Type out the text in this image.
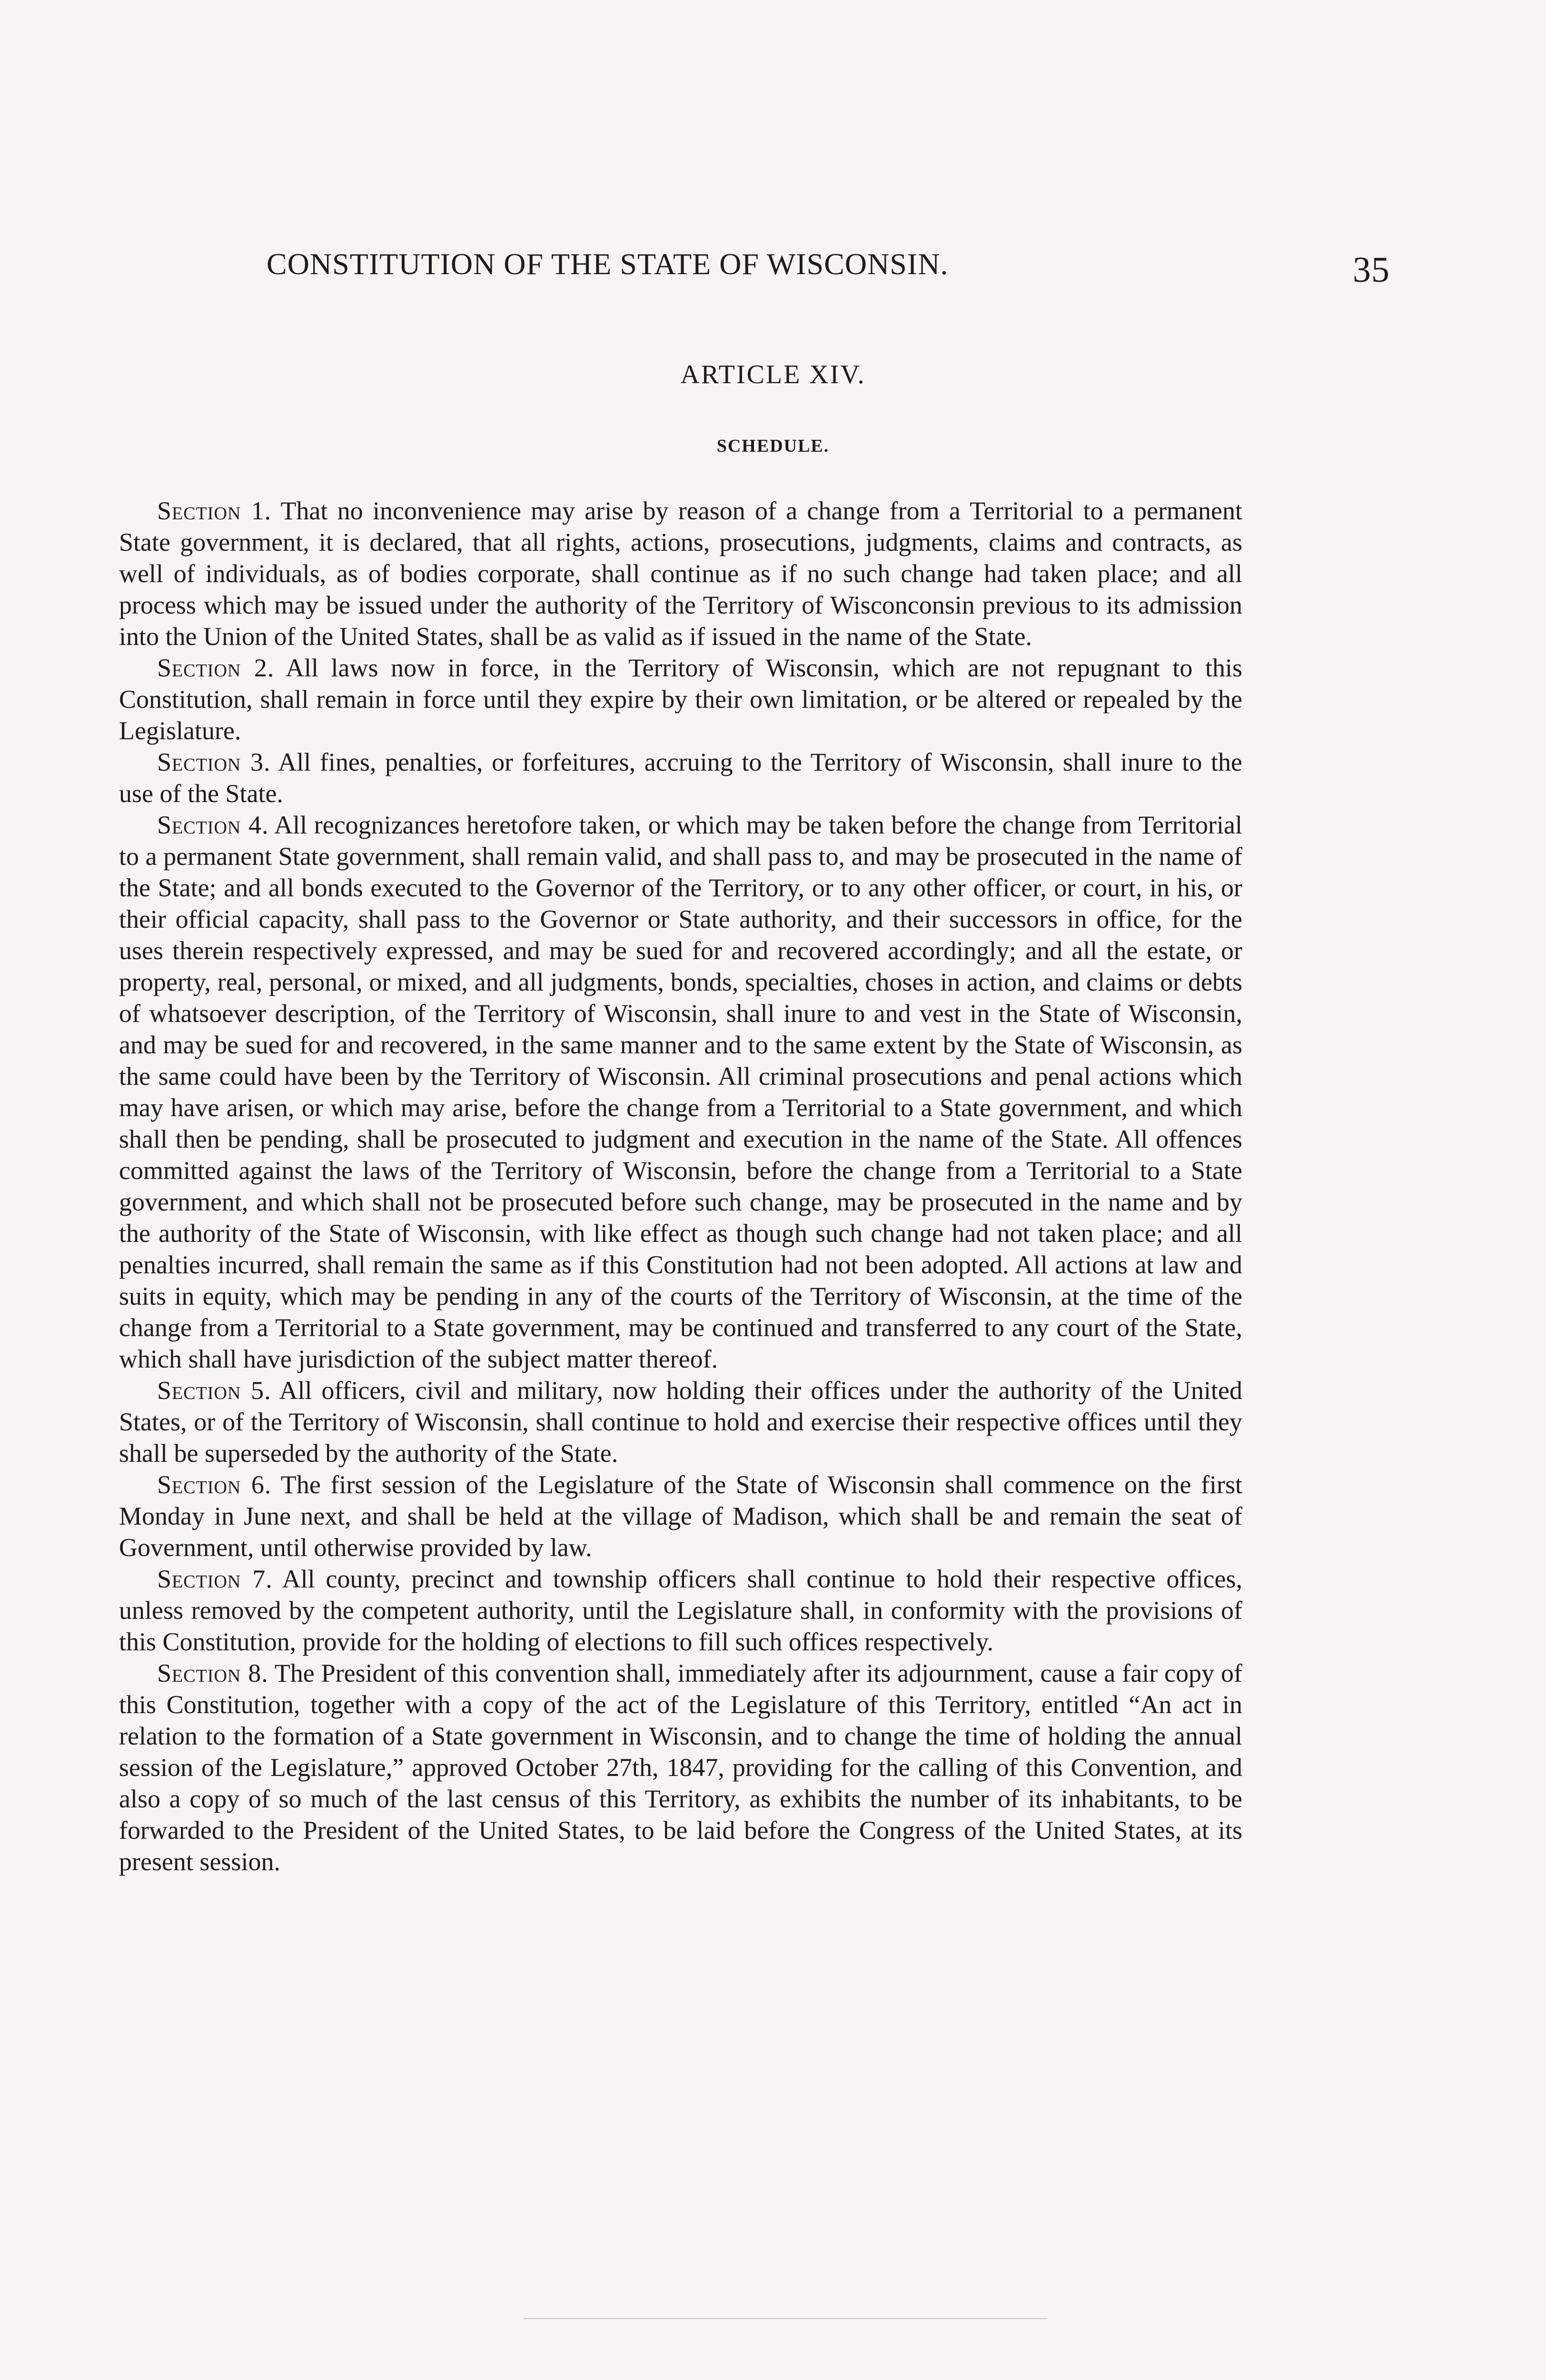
CONSTITUTION OF THE STATE OF WISCONSIN.	35
ARTICLE XIV.
SCHEDULE.

Section 1. That no inconvenience may arise by reason of a change from a Territorial to a permanent State government, it is declared, that all rights, actions, prosecutions, judgments, claims and contracts, as well of individuals, as of bodies corporate, shall continue as if no such change had taken place; and all process which may be issued under the authority of the Territory of Wisconconsin previous to its admission into the Union of the United States, shall be as valid as if issued in the name of the State.

Section 2. All laws now in force, in the Territory of Wisconsin, which are not repugnant to this Constitution, shall remain in force until they expire by their own limitation, or be altered or repealed by the Legislature.

Section 3. All fines, penalties, or forfeitures, accruing to the Territory of Wisconsin, shall inure to the use of the State.

Section 4. All recognizances heretofore taken, or which may be taken before the change from Territorial to a permanent State government, shall remain valid, and shall pass to, and may be prosecuted in the name of the State; and all bonds executed to the Governor of the Territory, or to any other officer, or court, in his, or their official capacity, shall pass to the Governor or State authority, and their successors in office, for the uses therein respectively expressed, and may be sued for and recovered accordingly; and all the estate, or property, real, personal, or mixed, and all judgments, bonds, specialties, choses in action, and claims or debts of whatsoever description, of the Territory of Wisconsin, shall inure to and vest in the State of Wisconsin, and may be sued for and recovered, in the same manner and to the same extent by the State of Wisconsin, as the same could have been by the Territory of Wisconsin. All criminal prosecutions and penal actions which may have arisen, or which may arise, before the change from a Territorial to a State government, and which shall then be pending, shall be prosecuted to judgment and execution in the name of the State. All offences committed against the laws of the Territory of Wisconsin, before the change from a Territorial to a State government, and which shall not be prosecuted before such change, may be prosecuted in the name and by the authority of the State of Wisconsin, with like effect as though such change had not taken place; and all penalties incurred, shall remain the same as if this Constitution had not been adopted. All actions at law and suits in equity, which may be pending in any of the courts of the Territory of Wisconsin, at the time of the change from a Territorial to a State government, may be continued and transferred to any court of the State, which shall have jurisdiction of the subject matter thereof.

Section 5. All officers, civil and military, now holding their offices under the authority of the United States, or of the Territory of Wisconsin, shall continue to hold and exercise their respective offices until they shall be superseded by the authority of the State.

Section 6. The first session of the Legislature of the State of Wisconsin shall commence on the first Monday in June next, and shall be held at the village of Madison, which shall be and remain the seat of Government, until otherwise provided by law.

Section 7. All county, precinct and township officers shall continue to hold their respective offices, unless removed by the competent authority, until the Legislature shall, in conformity with the provisions of this Constitution, provide for the holding of elections to fill such offices respectively.

Section 8. The President of this convention shall, immediately after its adjournment, cause a fair copy of this Constitution, together with a copy of the act of the Legislature of this Territory, entitled “An act in relation to the formation of a State government in Wisconsin, and to change the time of holding the annual session of the Legislature,” approved October 27th, 1847, providing for the calling of this Convention, and also a copy of so much of the last census of this Territory, as exhibits the number of its inhabitants, to be forwarded to the President of the United States, to be laid before the Congress of the United States, at its present session.
